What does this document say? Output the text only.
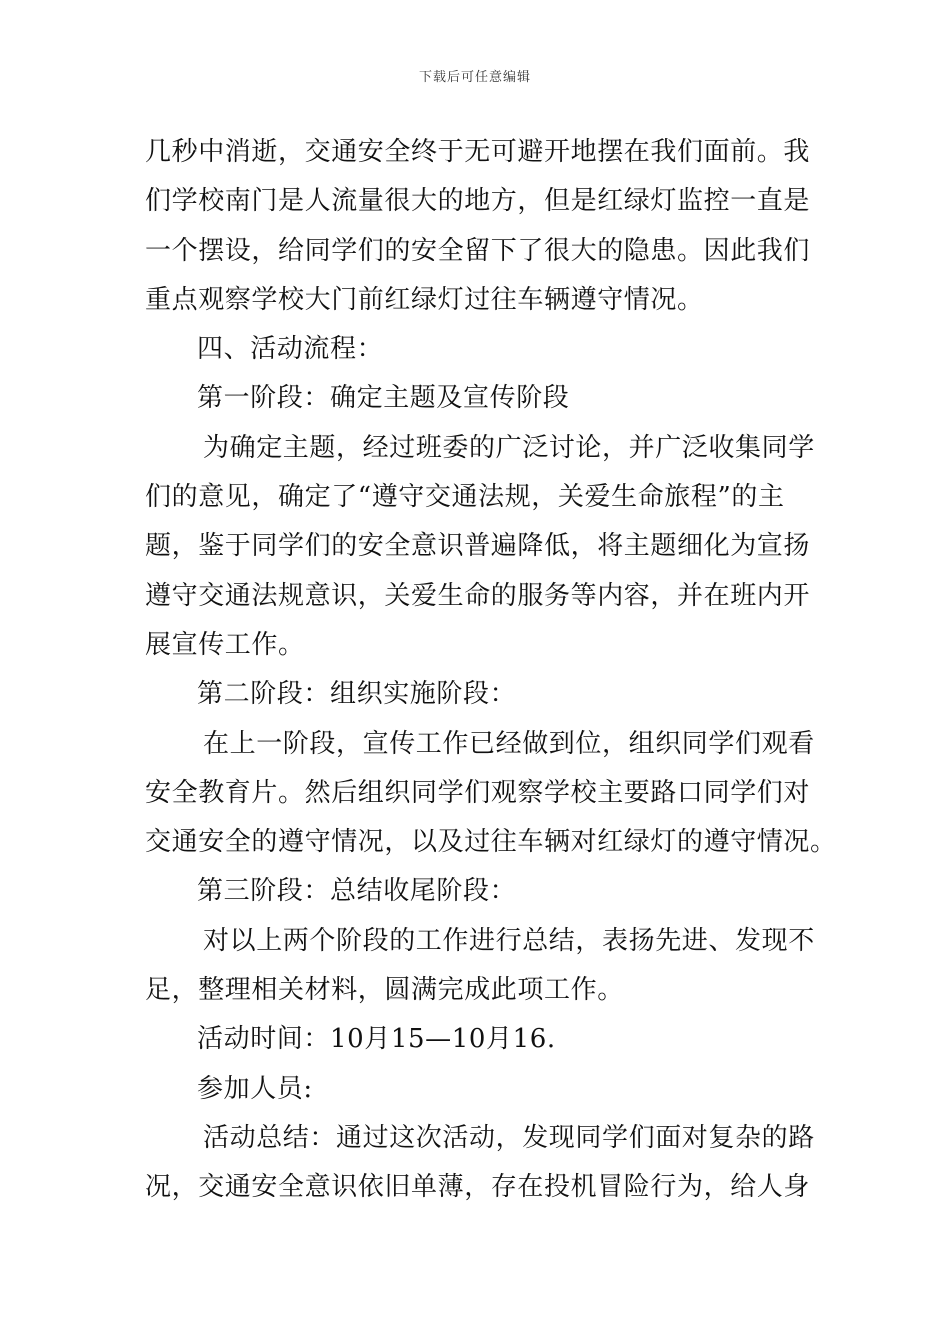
下载后可任意编辑
几秒中消逝，交通安全终于无可避开地摆在我们面前。我
们学校南门是人流量很大的地方，但是红绿灯监控一直是
一个摆设，给同学们的安全留下了很大的隐患。因此我们
重点观察学校大门前红绿灯过往车辆遵守情况。
四、活动流程：
第一阶段：确定主题及宣传阶段
为确定主题，经过班委的广泛讨论，并广泛收集同学
们的意见，确定了“遵守交通法规，关爱生命旅程”的主
题，鉴于同学们的安全意识普遍降低，将主题细化为宣扬
遵守交通法规意识，关爱生命的服务等内容，并在班内开
展宣传工作。
第二阶段：组织实施阶段：
在上一阶段，宣传工作已经做到位，组织同学们观看
安全教育片。然后组织同学们观察学校主要路口同学们对
交通安全的遵守情况，以及过往车辆对红绿灯的遵守情况。
第三阶段：总结收尾阶段：
对以上两个阶段的工作进行总结，表扬先进、发现不
足，整理相关材料，圆满完成此项工作。
活动时间：10月15—10月16.
参加人员:
活动总结：通过这次活动，发现同学们面对复杂的路
况，交通安全意识依旧单薄，存在投机冒险行为，给人身
